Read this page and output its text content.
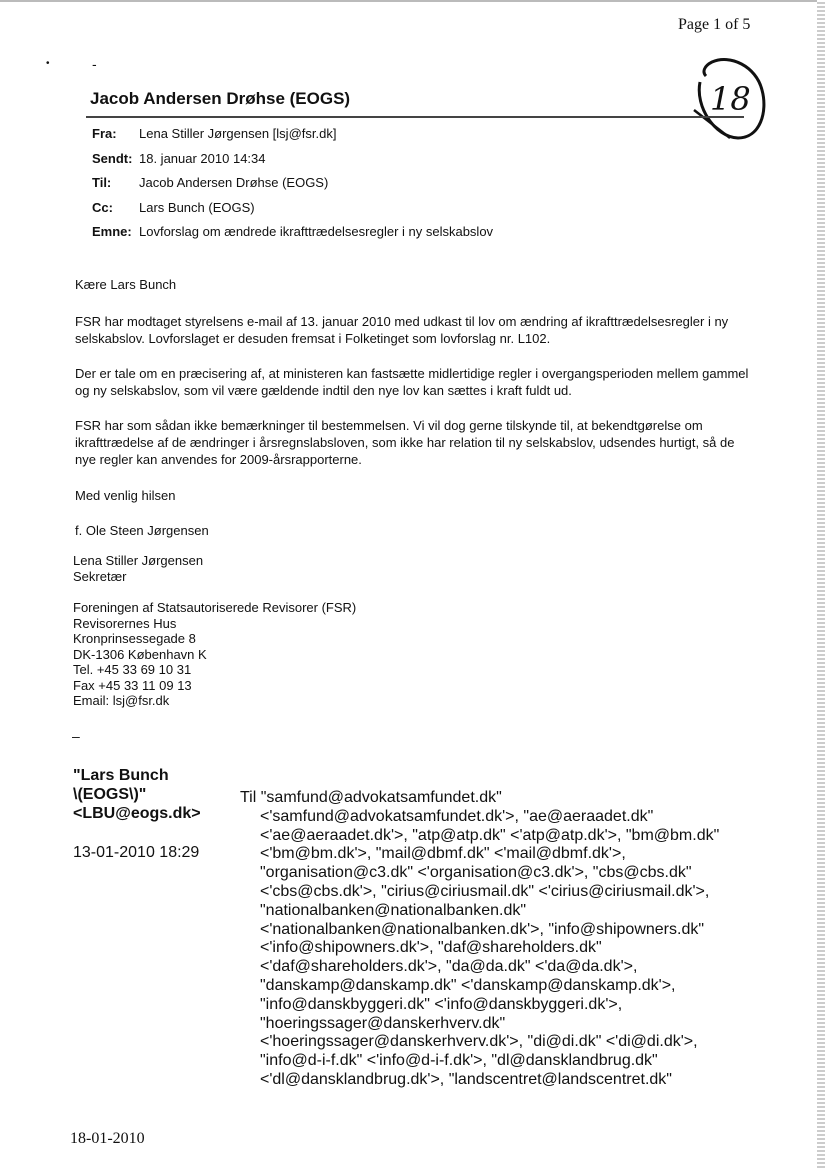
Page 1 of 5
•	-
18
Jacob Andersen Drøhse (EOGS)
Fra:	Lena Stiller Jørgensen [lsj@fsr.dk]
Sendt: 18. januar 2010 14:34
Til:	Jacob Andersen Drøhse (EOGS)
Cc:	Lars Bunch (EOGS)
Emne: Lovforslag om ændrede ikrafttrædelsesregler i ny selskabslov

Kære Lars Bunch

FSR har modtaget styrelsens e-mail af 13. januar 2010 med udkast til lov om ændring af ikrafttrædelsesregler i ny selskabslov. Lovforslaget er desuden fremsat i Folketinget som lovforslag nr. L102.

Der er tale om en præcisering af, at ministeren kan fastsætte midlertidige regler i overgangsperioden mellem gammel og ny selskabslov, som vil være gældende indtil den nye lov kan sættes i kraft fuldt ud.

FSR har som sådan ikke bemærkninger til bestemmelsen. Vi vil dog gerne tilskynde til, at bekendtgørelse om ikrafttrædelse af de ændringer i årsregnslabsloven, som ikke har relation til ny selskabslov, udsendes hurtigt, så de nye regler kan anvendes for 2009-årsrapporterne.

Med venlig hilsen

f. Ole Steen Jørgensen

Lena Stiller Jørgensen
Sekretær
Foreningen af Statsautoriserede Revisorer (FSR)
Revisorernes Hus
Kronprinsessegade 8
DK-1306 København K
Tel. +45 33 69 10 31
Fax +45 33 11 09 13
Email: lsj@fsr.dk
–
"Lars Bunch
\(EOGS\)"
<LBU@eogs.dk>
13-01-2010 18:29
Til "samfund@advokatsamfundet.dk"
<'samfund@advokatsamfundet.dk'>, "ae@aeraadet.dk"
<'ae@aeraadet.dk'>, "atp@atp.dk" <'atp@atp.dk'>, "bm@bm.dk"
<'bm@bm.dk'>, "mail@dbmf.dk" <'mail@dbmf.dk'>,
"organisation@c3.dk" <'organisation@c3.dk'>, "cbs@cbs.dk"
<'cbs@cbs.dk'>, "cirius@ciriusmail.dk" <'cirius@ciriusmail.dk'>,
"nationalbanken@nationalbanken.dk"
<'nationalbanken@nationalbanken.dk'>, "info@shipowners.dk"
<'info@shipowners.dk'>, "daf@shareholders.dk"
<'daf@shareholders.dk'>, "da@da.dk" <'da@da.dk'>,
"danskamp@danskamp.dk" <'danskamp@danskamp.dk'>,
"info@danskbyggeri.dk" <'info@danskbyggeri.dk'>,
"hoeringssager@danskerhverv.dk"
<'hoeringssager@danskerhverv.dk'>, "di@di.dk" <'di@di.dk'>,
"info@d-i-f.dk" <'info@d-i-f.dk'>, "dl@dansklandbrug.dk"
<'dl@dansklandbrug.dk'>, "landscentret@landscentret.dk"
18-01-2010
